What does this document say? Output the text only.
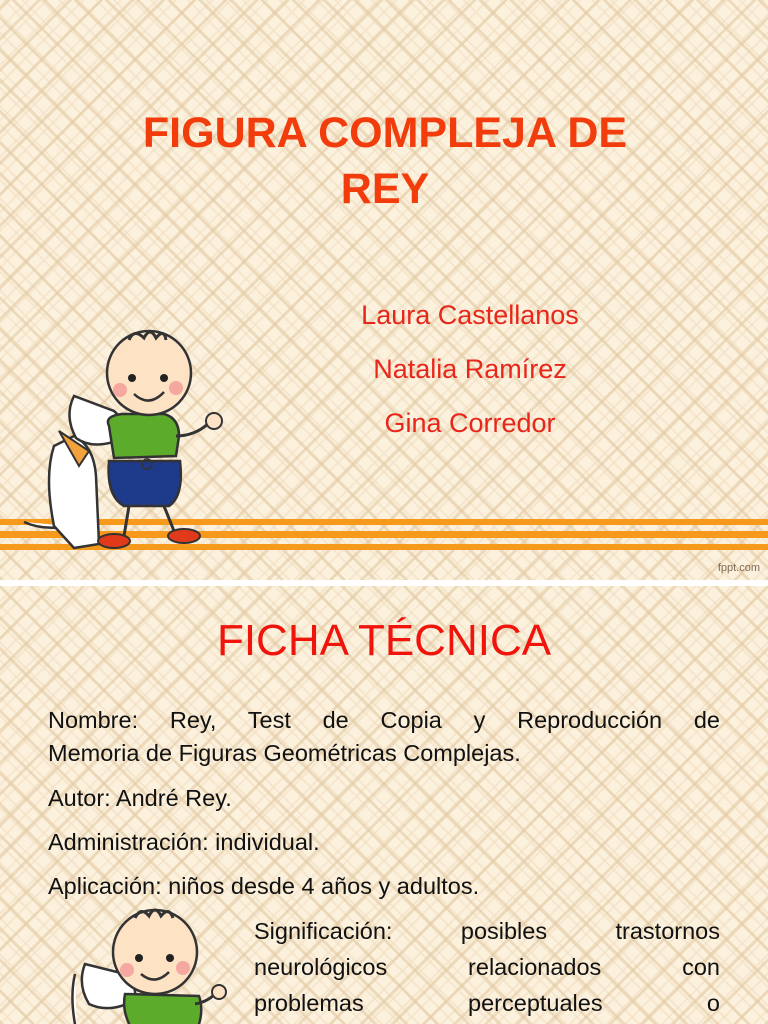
FIGURA COMPLEJA DE
REY

Laura Castellanos

Natalia Ramírez

Gina Corredor

fppt.com
FICHA TÉCNICA

Nombre: Rey, Test de Copia y Reproducción de

Memoria de Figuras Geométricas Complejas.

Autor: André Rey.

Administración: individual.

Aplicación: niños desde 4 años y adultos.

Significación: posibles trastornos

neurológicos relacionados con

problemas perceptuales o
